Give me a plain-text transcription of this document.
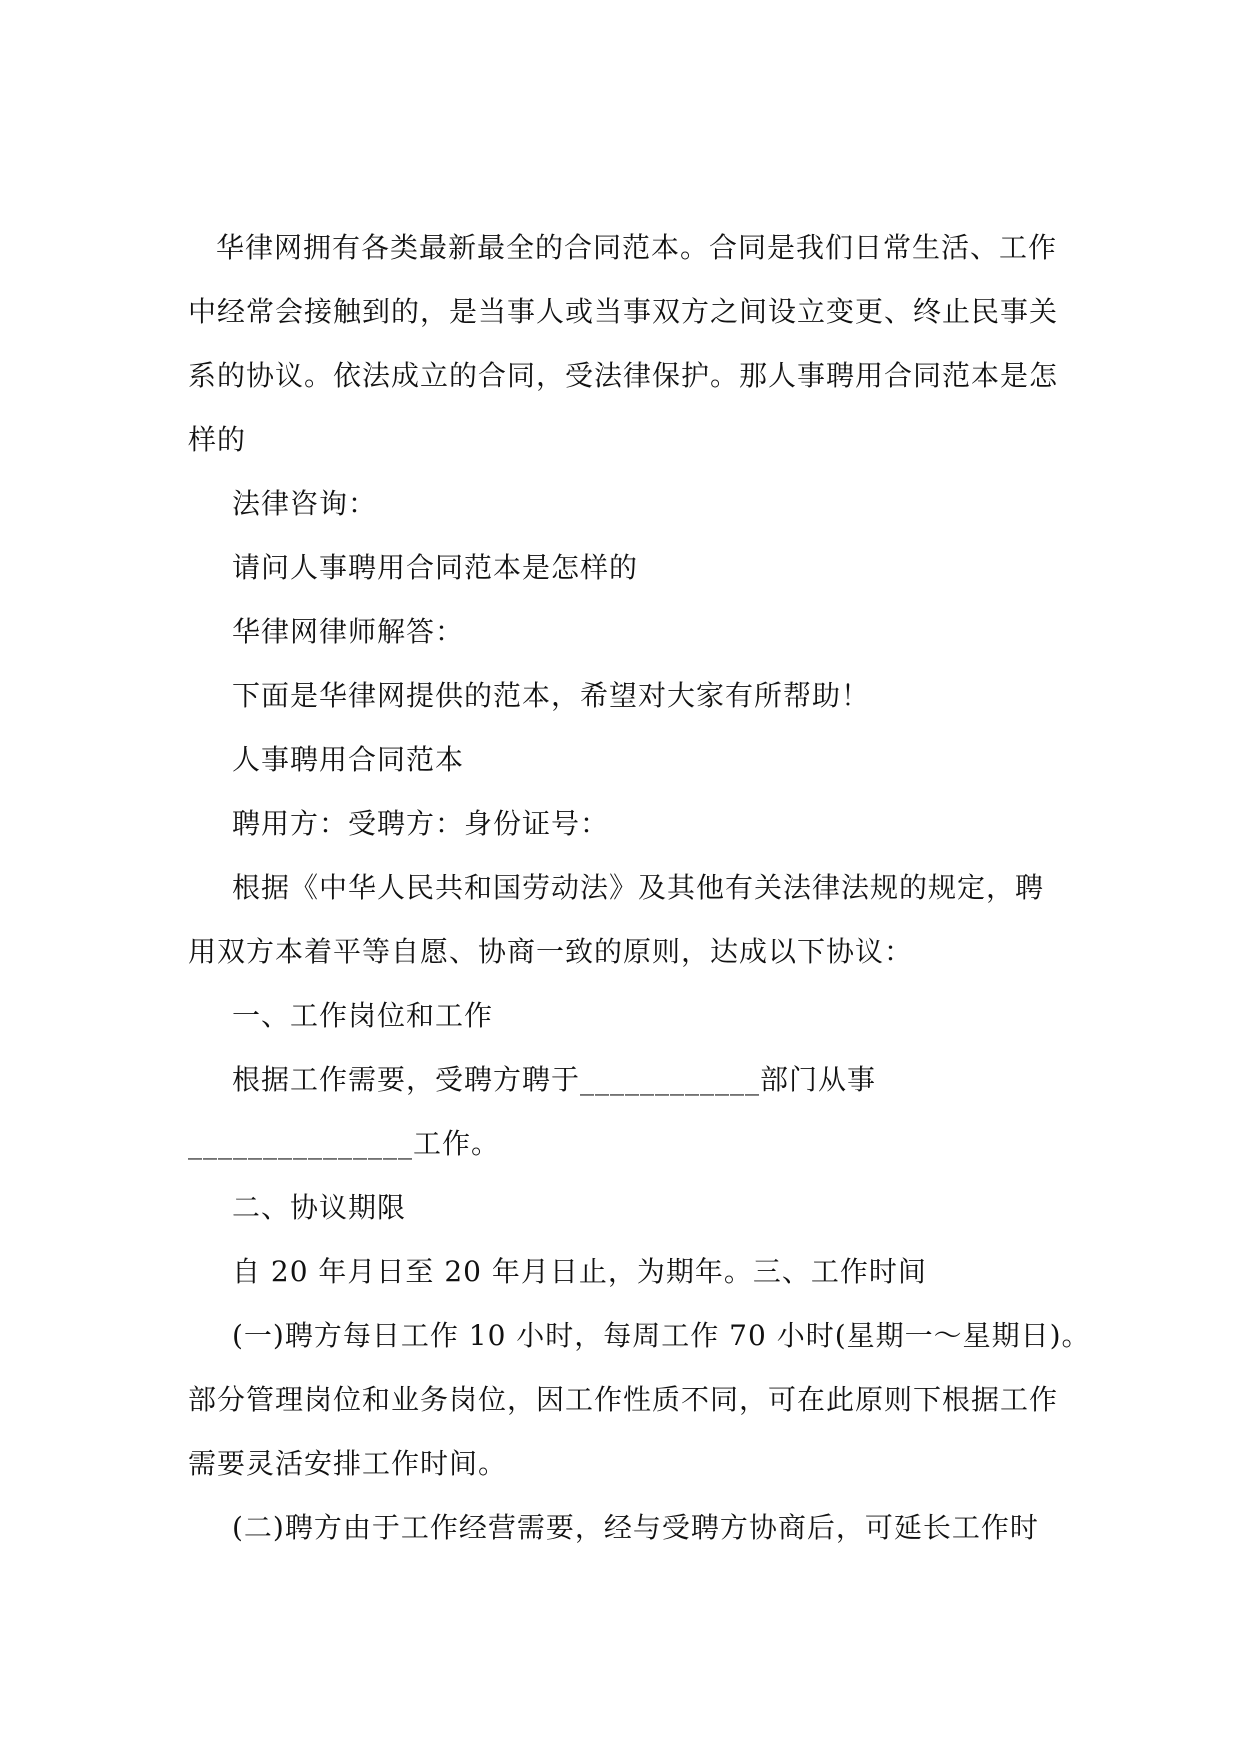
华律网拥有各类最新最全的合同范本。合同是我们日常生活、工作

中经常会接触到的，是当事人或当事双方之间设立变更、终止民事关

系的协议。依法成立的合同，受法律保护。那人事聘用合同范本是怎

样的

法律咨询：

请问人事聘用合同范本是怎样的

华律网律师解答：

下面是华律网提供的范本，希望对大家有所帮助！

人事聘用合同范本

聘用方：受聘方：身份证号：

根据《中华人民共和国劳动法》及其他有关法律法规的规定，聘

用双方本着平等自愿、协商一致的原则，达成以下协议：

一、工作岗位和工作

根据工作需要，受聘方聘于____________部门从事

_______________工作。

二、协议期限

自 20 年月日至 20 年月日止，为期年。三、工作时间

(一)聘方每日工作 10 小时，每周工作 70 小时(星期一～星期日)。

部分管理岗位和业务岗位，因工作性质不同，可在此原则下根据工作

需要灵活安排工作时间。

(二)聘方由于工作经营需要，经与受聘方协商后，可延长工作时
